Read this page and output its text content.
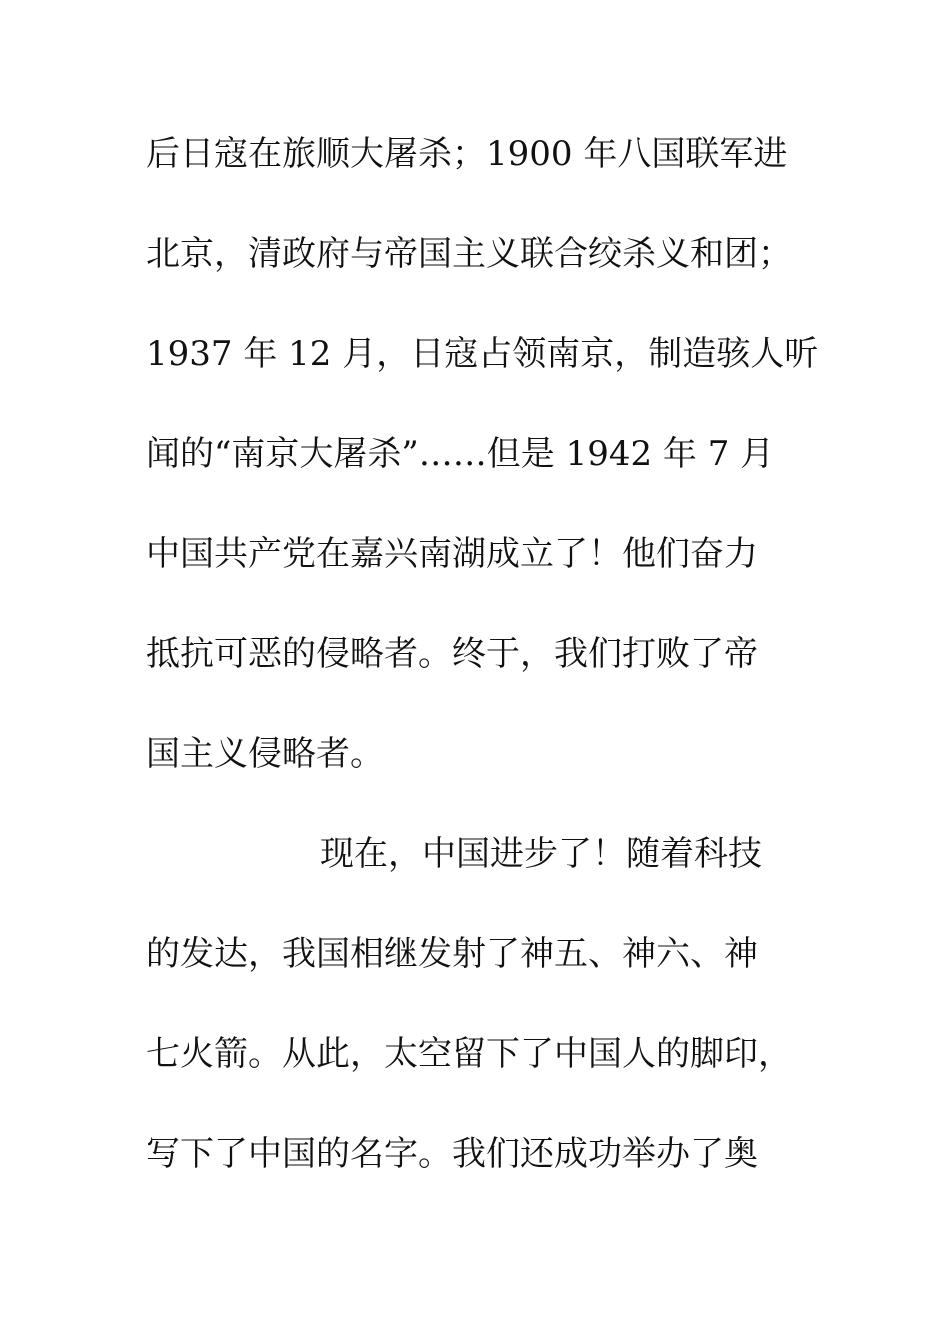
后日寇在旅顺大屠杀；1900 年八国联军进

北京，清政府与帝国主义联合绞杀义和团；

1937 年 12 月，日寇占领南京，制造骇人听

闻的“南京大屠杀”……但是 1942 年 7 月

中国共产党在嘉兴南湖成立了！他们奋力

抵抗可恶的侵略者。终于，我们打败了帝

国主义侵略者。

现在，中国进步了！随着科技

的发达，我国相继发射了神五、神六、神

七火箭。从此，太空留下了中国人的脚印，

写下了中国的名字。我们还成功举办了奥
